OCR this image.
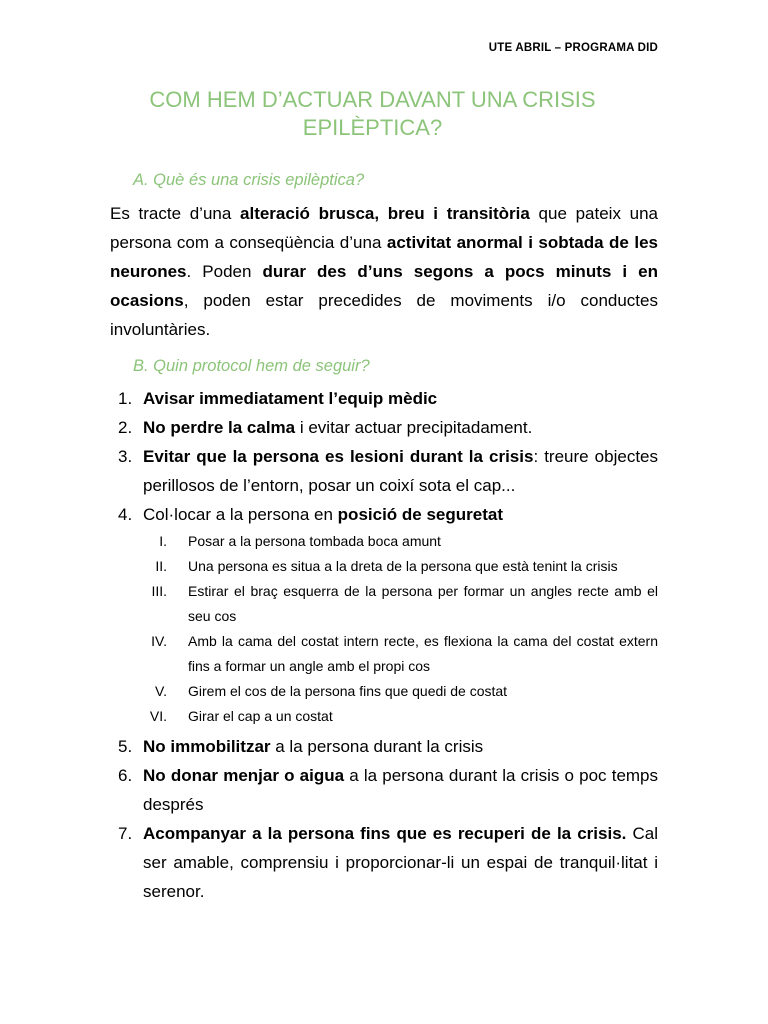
UTE ABRIL – PROGRAMA DID
COM HEM D’ACTUAR DAVANT UNA CRISIS
EPILÈPTICA?
A. Què és una crisis epilèptica?
Es tracte d’una alteració brusca, breu i transitòria que pateix una persona com a conseqüència d’una activitat anormal i sobtada de les neurones. Poden durar des d’uns segons a pocs minuts i en ocasions, poden estar precedides de moviments i/o conductes involuntàries.
B. Quin protocol hem de seguir?
1. Avisar immediatament l’equip mèdic
2. No perdre la calma i evitar actuar precipitadament.
3. Evitar que la persona es lesioni durant la crisis: treure objectes perillosos de l’entorn, posar un coixí sota el cap...
4. Col·locar a la persona en posició de seguretat
I. Posar a la persona tombada boca amunt
II. Una persona es situa a la dreta de la persona que està tenint la crisis
III. Estirar el braç esquerra de la persona per formar un angles recte amb el seu cos
IV. Amb la cama del costat intern recte, es flexiona la cama del costat extern fins a formar un angle amb el propi cos
V. Girem el cos de la persona fins que quedi de costat
VI. Girar el cap a un costat
5. No immobilitzar a la persona durant la crisis
6. No donar menjar o aigua a la persona durant la crisis o poc temps després
7. Acompanyar a la persona fins que es recuperi de la crisis. Cal ser amable, comprensiu i proporcionar-li un espai de tranquil·litat i serenor.
